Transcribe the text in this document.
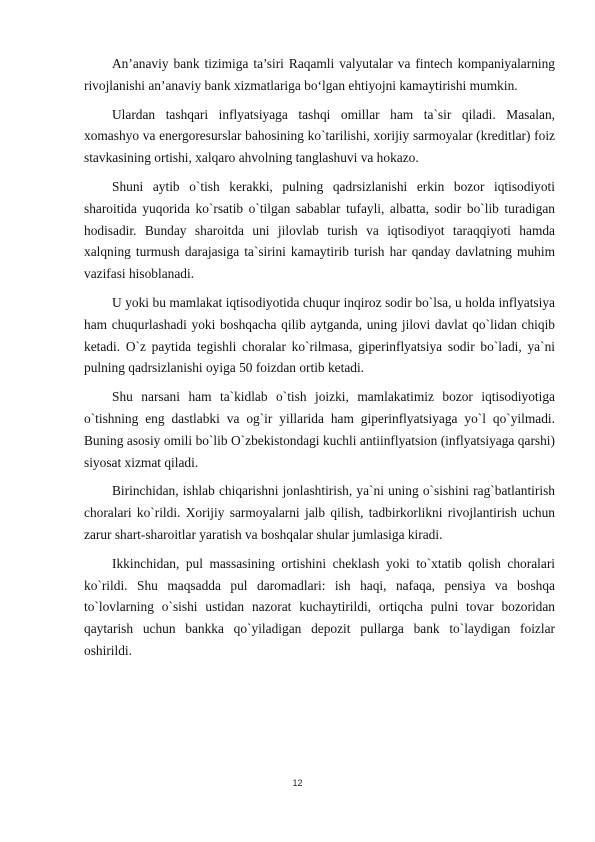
An’anaviy bank tizimiga ta’siri Raqamli valyutalar va fintech kompaniyalarning rivojlanishi an’anaviy bank xizmatlariga bo‘lgan ehtiyojni kamaytirishi mumkin.

Ulardan tashqari inflyatsiyaga tashqi omillar ham ta`sir qiladi. Masalan, xomashyo va energoresurslar bahosining ko`tarilishi, xorijiy sarmoyalar (kreditlar) foiz stavkasining ortishi, xalqaro ahvolning tanglashuvi va hokazo.

Shuni aytib o`tish kerakki, pulning qadrsizlanishi erkin bozor iqtisodiyoti sharoitida yuqorida ko`rsatib o`tilgan sabablar tufayli, albatta, sodir bo`lib turadigan hodisadir. Bunday sharoitda uni jilovlab turish va iqtisodiyot taraqqiyoti hamda xalqning turmush darajasiga ta`sirini kamaytirib turish har qanday davlatning muhim vazifasi hisoblanadi.

U yoki bu mamlakat iqtisodiyotida chuqur inqiroz sodir bo`lsa, u holda inflyatsiya ham chuqurlashadi yoki boshqacha qilib aytganda, uning jilovi davlat qo`lidan chiqib ketadi. O`z paytida tegishli choralar ko`rilmasa, giperinflyatsiya sodir bo`ladi, ya`ni pulning qadrsizlanishi oyiga 50 foizdan ortib ketadi.

Shu narsani ham ta`kidlab o`tish joizki, mamlakatimiz bozor iqtisodiyotiga o`tishning eng dastlabki va og`ir yillarida ham giperinflyatsiyaga yo`l qo`yilmadi. Buning asosiy omili bo`lib O`zbekistondagi kuchli antiinflyatsion (inflyatsiyaga qarshi) siyosat xizmat qiladi.

Birinchidan, ishlab chiqarishni jonlashtirish, ya`ni uning o`sishini rag`batlantirish choralari ko`rildi. Xorijiy sarmoyalarni jalb qilish, tadbirkorlikni rivojlantirish uchun zarur shart-sharoitlar yaratish va boshqalar shular jumlasiga kiradi.

Ikkinchidan, pul massasining ortishini cheklash yoki to`xtatib qolish choralari ko`rildi. Shu maqsadda pul daromadlari: ish haqi, nafaqa, pensiya va boshqa to`lovlarning o`sishi ustidan nazorat kuchaytirildi, ortiqcha pulni tovar bozoridan qaytarish uchun bankka qo`yiladigan depozit pullarga bank to`laydigan foizlar oshirildi.

12
